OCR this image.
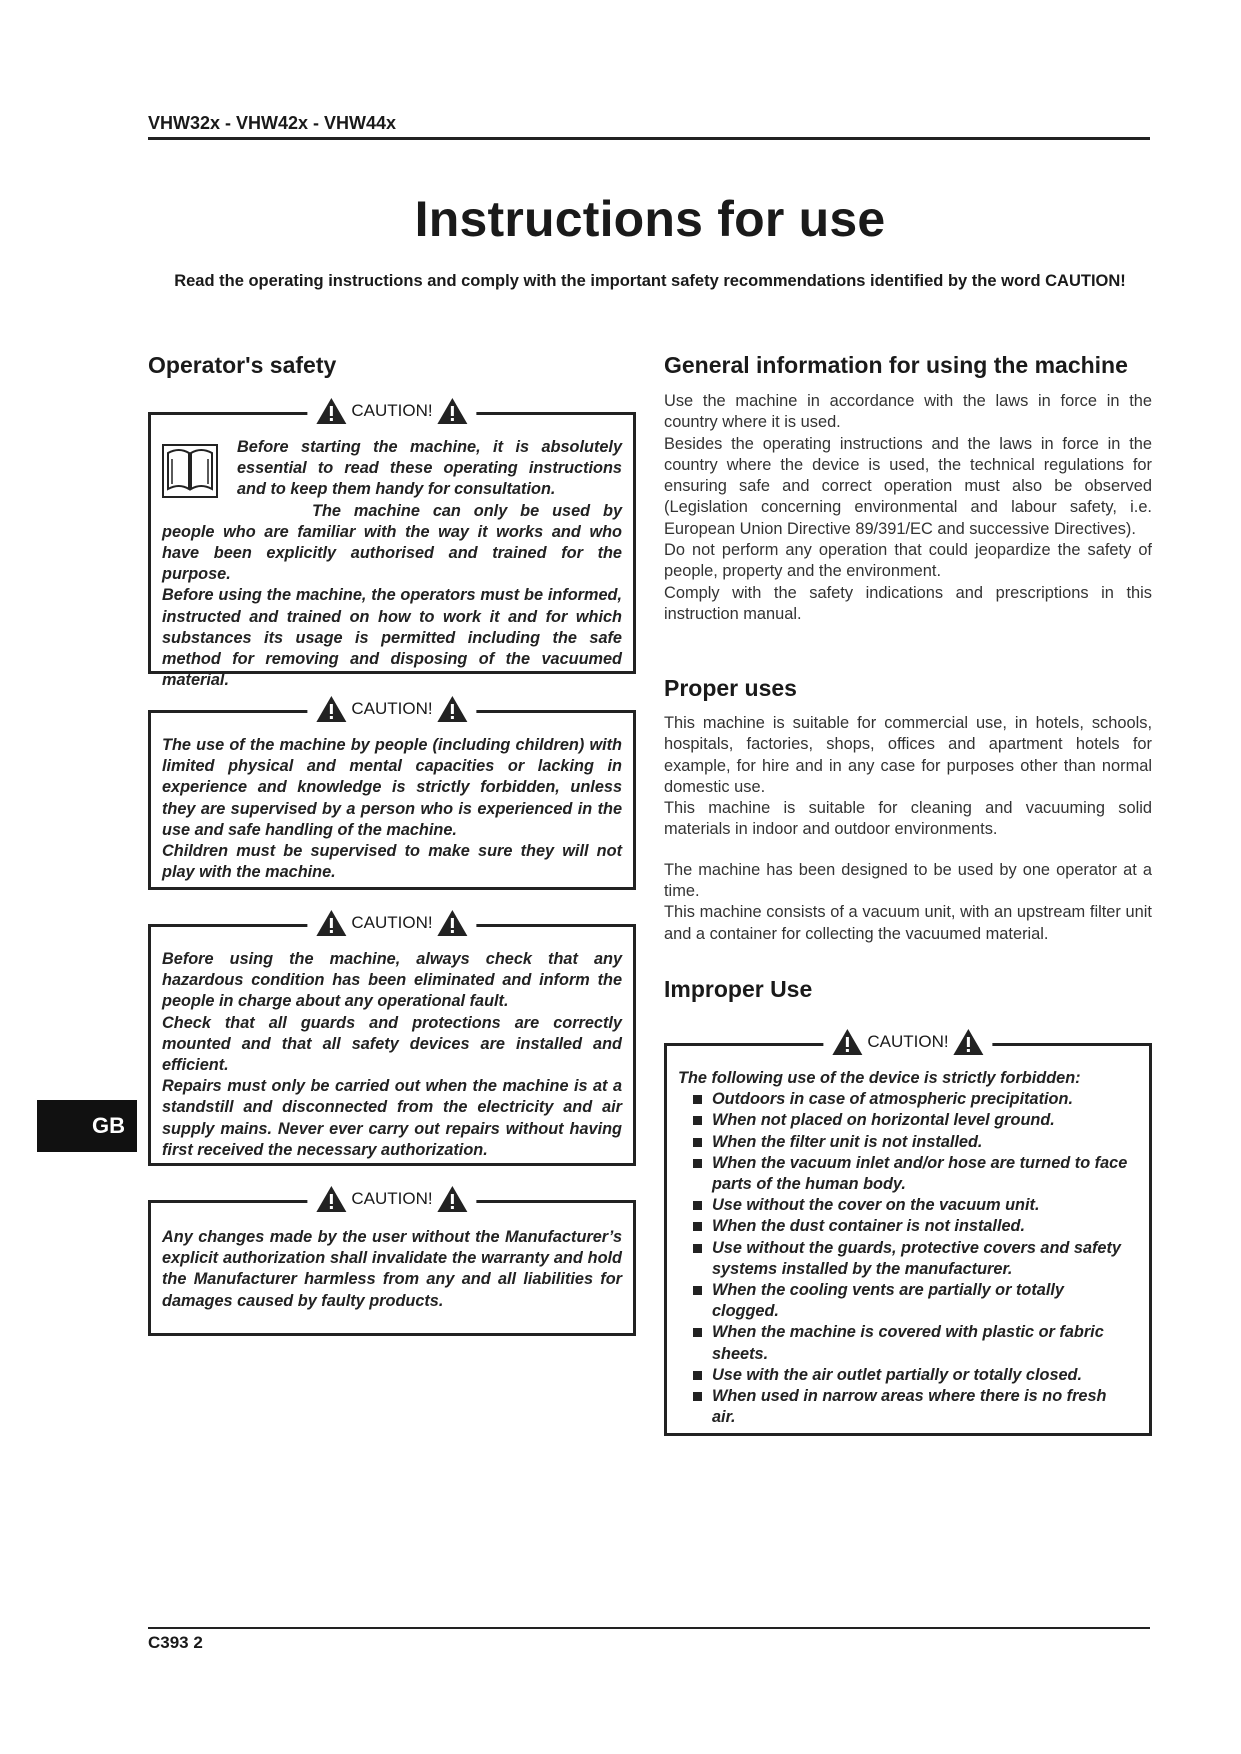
VHW32x - VHW42x - VHW44x
Instructions for use
Read the operating instructions and comply with the important safety recommendations identified by the word CAUTION!
Operator's safety
CAUTION!

Before starting the machine, it is absolutely essential to read these operating instructions and to keep them handy for consultation.

The machine can only be used by people who are familiar with the way it works and who have been explicitly authorised and trained for the purpose.

Before using the machine, the operators must be informed, instructed and trained on how to work it and for which substances its usage is permitted including the safe method for removing and disposing of the vacuumed material.

CAUTION!

The use of the machine by people (including children) with limited physical and mental capacities or lacking in experience and knowledge is strictly forbidden, unless they are supervised by a person who is experienced in the use and safe handling of the machine.

Children must be supervised to make sure they will not play with the machine.

CAUTION!

Before using the machine, always check that any hazardous condition has been eliminated and inform the people in charge about any operational fault.

Check that all guards and protections are correctly mounted and that all safety devices are installed and efficient.

Repairs must only be carried out when the machine is at a standstill and disconnected from the electricity and air supply mains. Never ever carry out repairs without having first received the necessary authorization.

CAUTION!

Any changes made by the user without the Manufacturer’s explicit authorization shall invalidate the warranty and hold the Manufacturer harmless from any and all liabilities for damages caused by faulty products.

GB
General information for using the machine

Use the machine in accordance with the laws in force in the country where it is used.

Besides the operating instructions and the laws in force in the country where the device is used, the technical regulations for ensuring safe and correct operation must also be observed (Legislation concerning environmental and labour safety, i.e. European Union Directive 89/391/EC and successive Directives).

Do not perform any operation that could jeopardize the safety of people, property and the environment.

Comply with the safety indications and prescriptions in this instruction manual.

Proper uses

This machine is suitable for commercial use, in hotels, schools, hospitals, factories, shops, offices and apartment hotels for example, for hire and in any case for purposes other than normal domestic use.

This machine is suitable for cleaning and vacuuming solid materials in indoor and outdoor environments.

The machine has been designed to be used by one operator at a time.

This machine consists of a vacuum unit, with an upstream filter unit and a container for collecting the vacuumed material.

Improper Use
CAUTION!

The following use of the device is strictly forbidden:

Outdoors in case of atmospheric precipitation.
When not placed on horizontal level ground.
When the filter unit is not installed.
When the vacuum inlet and/or hose are turned to face parts of the human body.
Use without the cover on the vacuum unit.
When the dust container is not installed.
Use without the guards, protective covers and safety systems installed by the manufacturer.
When the cooling vents are partially or totally clogged.
When the machine is covered with plastic or fabric sheets.
Use with the air outlet partially or totally closed.
When used in narrow areas where there is no fresh air.
C393 2
